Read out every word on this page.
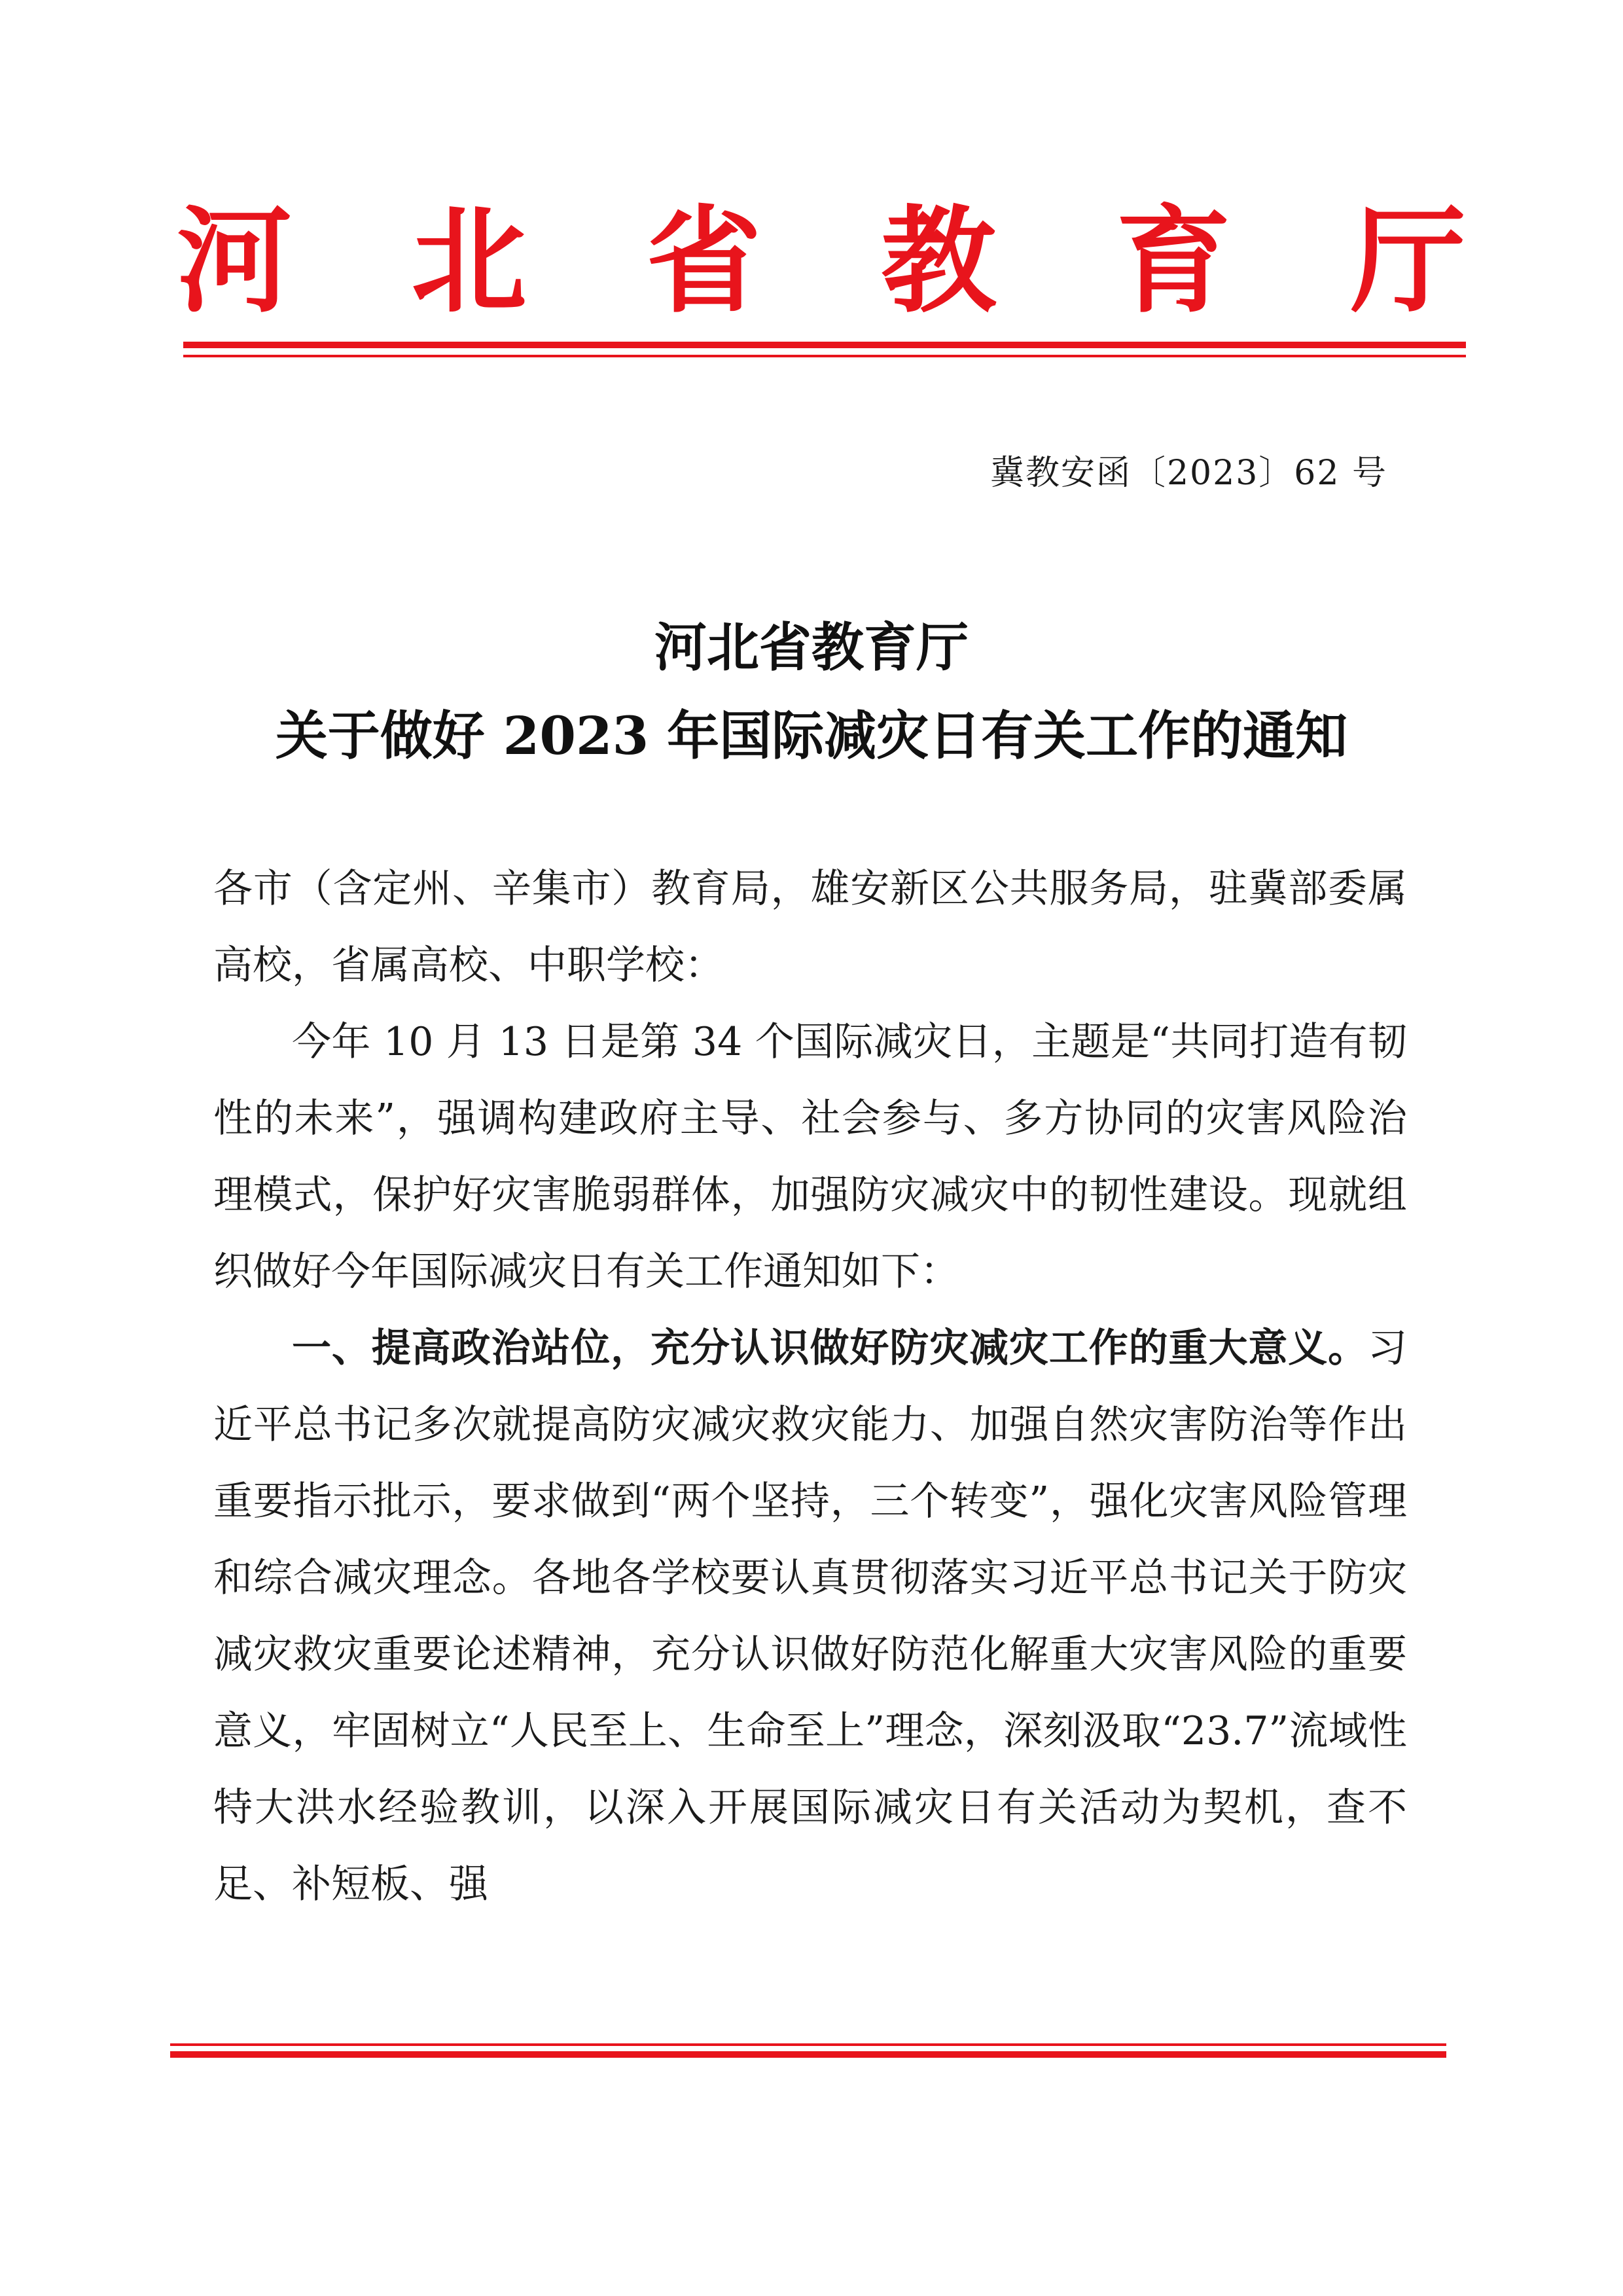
河 北 省 教 育 厅
冀教安函〔2023〕62 号
河北省教育厅
关于做好 2023 年国际减灾日有关工作的通知

各市（含定州、辛集市）教育局，雄安新区公共服务局，驻冀部委属高校，省属高校、中职学校：

今年 10 月 13 日是第 34 个国际减灾日，主题是“共同打造有韧性的未来”，强调构建政府主导、社会参与、多方协同的灾害风险治理模式，保护好灾害脆弱群体，加强防灾减灾中的韧性建设。现就组织做好今年国际减灾日有关工作通知如下：

一、提高政治站位，充分认识做好防灾减灾工作的重大意义。习近平总书记多次就提高防灾减灾救灾能力、加强自然灾害防治等作出重要指示批示，要求做到“两个坚持，三个转变”，强化灾害风险管理和综合减灾理念。各地各学校要认真贯彻落实习近平总书记关于防灾减灾救灾重要论述精神，充分认识做好防范化解重大灾害风险的重要意义，牢固树立“人民至上、生命至上”理念，深刻汲取“23.7”流域性特大洪水经验教训，以深入开展国际减灾日有关活动为契机，查不足、补短板、强
